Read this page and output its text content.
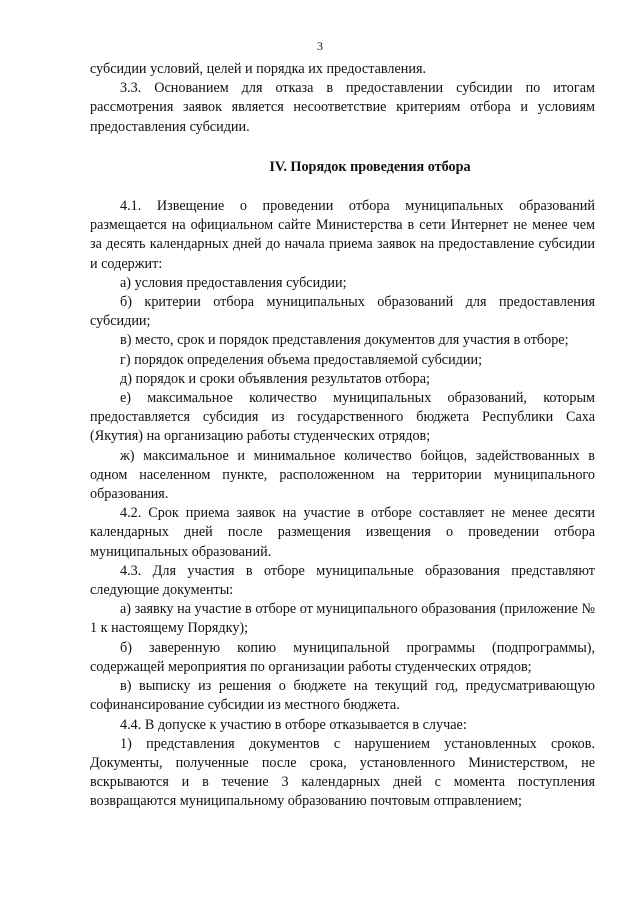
3

субсидии условий, целей и порядка их предоставления.

3.3. Основанием для отказа в предоставлении субсидии по итогам рассмотрения заявок является несоответствие критериям отбора и условиям предоставления субсидии.

IV. Порядок проведения отбора

4.1. Извещение о проведении отбора муниципальных образований размещается на официальном сайте Министерства в сети Интернет не менее чем за десять календарных дней до начала приема заявок на предоставление субсидии и содержит:

а) условия предоставления субсидии;

б) критерии отбора муниципальных образований для предоставления субсидии;

в) место, срок и порядок представления документов для участия в отборе;

г) порядок определения объема предоставляемой субсидии;

д) порядок и сроки объявления результатов отбора;

е) максимальное количество муниципальных образований, которым предоставляется субсидия из государственного бюджета Республики Саха (Якутия) на организацию работы студенческих отрядов;

ж) максимальное и минимальное количество бойцов, задействованных в одном населенном пункте, расположенном на территории муниципального образования.

4.2. Срок приема заявок на участие в отборе составляет не менее десяти календарных дней после размещения извещения о проведении отбора муниципальных образований.

4.3. Для участия в отборе муниципальные образования представляют следующие документы:

а) заявку на участие в отборе от муниципального образования (приложение № 1 к настоящему Порядку);

б) заверенную копию муниципальной программы (подпрограммы), содержащей мероприятия по организации работы студенческих отрядов;

в) выписку из решения о бюджете на текущий год, предусматривающую софинансирование субсидии из местного бюджета.

4.4. В допуске к участию в отборе отказывается в случае:

1) представления документов с нарушением установленных сроков. Документы, полученные после срока, установленного Министерством, не вскрываются и в течение 3 календарных дней с момента поступления возвращаются муниципальному образованию почтовым отправлением;
